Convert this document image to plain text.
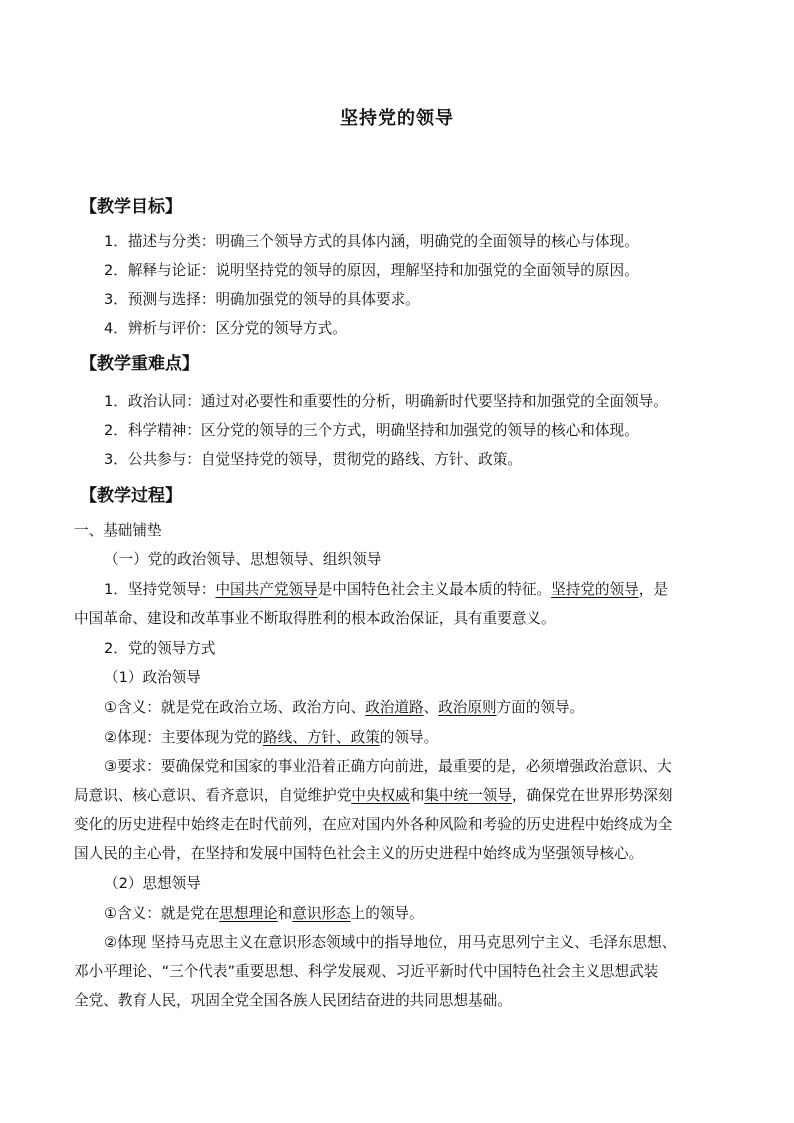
坚持党的领导
【教学目标】
1．描述与分类：明确三个领导方式的具体内涵，明确党的全面领导的核心与体现。
2．解释与论证：说明坚持党的领导的原因，理解坚持和加强党的全面领导的原因。
3．预测与选择：明确加强党的领导的具体要求。
4．辨析与评价：区分党的领导方式。
【教学重难点】
1．政治认同：通过对必要性和重要性的分析，明确新时代要坚持和加强党的全面领导。
2．科学精神：区分党的领导的三个方式，明确坚持和加强党的领导的核心和体现。
3．公共参与：自觉坚持党的领导，贯彻党的路线、方针、政策。
【教学过程】
一、基础铺垫
（一）党的政治领导、思想领导、组织领导
1．坚持党领导：中国共产党领导是中国特色社会主义最本质的特征。坚持党的领导，是
中国革命、建设和改革事业不断取得胜利的根本政治保证，具有重要意义。
2．党的领导方式
（1）政治领导
①含义：就是党在政治立场、政治方向、政治道路、政治原则方面的领导。
②体现：主要体现为党的路线、方针、政策的领导。
③要求：要确保党和国家的事业沿着正确方向前进，最重要的是，必须增强政治意识、大
局意识、核心意识、看齐意识，自觉维护党中央权威和集中统一领导，确保党在世界形势深刻
变化的历史进程中始终走在时代前列，在应对国内外各种风险和考验的历史进程中始终成为全
国人民的主心骨，在坚持和发展中国特色社会主义的历史进程中始终成为坚强领导核心。
（2）思想领导
①含义：就是党在思想理论和意识形态上的领导。
②体现 坚持马克思主义在意识形态领域中的指导地位，用马克思列宁主义、毛泽东思想、
邓小平理论、“三个代表”重要思想、科学发展观、习近平新时代中国特色社会主义思想武装
全党、教育人民，巩固全党全国各族人民团结奋进的共同思想基础。
